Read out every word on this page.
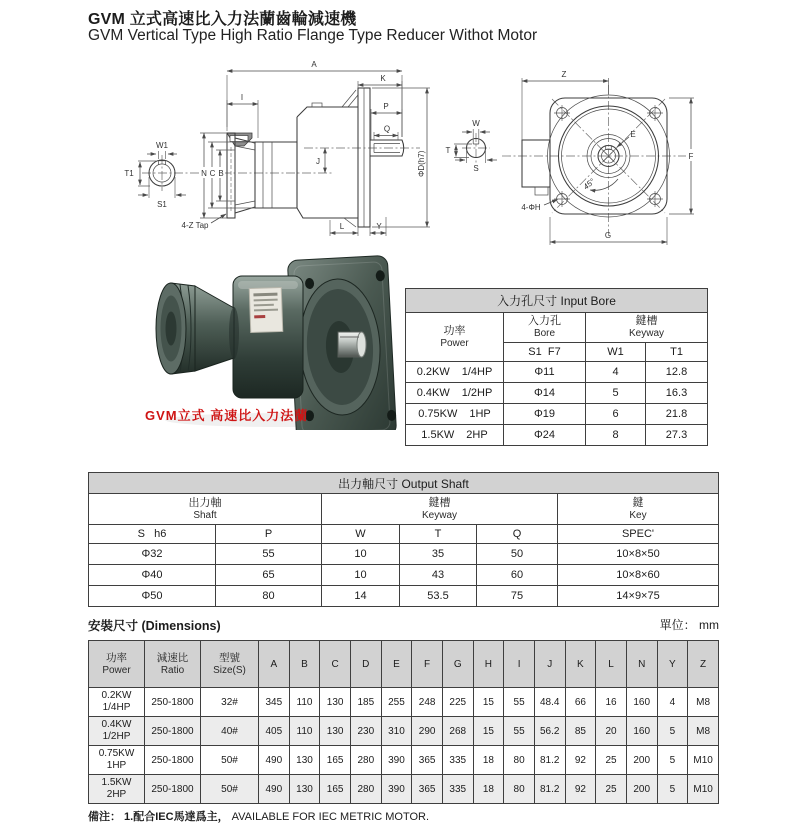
GVM 立式高速比入力法蘭齒輪減速機
GVM Vertical Type High Ratio Flange Type Reducer Withot Motor
W1
T1
S1
A
K
I
P
Q
ΦD(h7)
J
N C B
4-Z Tap	L	Y
Z
E
F
G
45°
4-ΦH
W
T
S
GVM立式 高速比入力法蘭
入力孔尺寸 Input Bore			

功率
Power	入力孔
Bore	鍵槽
Keyway	

	S1  F7	W1	T1
0.2KW 1/4HP	Φ11	4	12.8
0.4KW 1/2HP	Φ14	5	16.3
0.75KW 1HP	Φ19	6	21.8
1.5KW 2HP	Φ24	8	27.3
出力軸尺寸 Output Shaft					

出力軸
Shaft		鍵槽
Keyway			鍵
Key

S   h6	P	W	T	Q	SPEC'
Φ32	55	10	35	50	10×8×50
Φ40	65	10	43	60	10×8×60
Φ50	80	14	53.5	75	14×9×75
安裝尺寸 (Dimensions)	單位： mm
功率
Power	減速比
Ratio	型號
Size(S)	A	B	C	D	E	F	G	H	I	J	K	L	N	Y	Z

0.2KW
1/4HP	250-1800	32#	345	110	130	185	255	248	225	15	55	48.4	66	16	160	4	M8

0.4KW
1/2HP	250-1800	40#	405	110	130	230	310	290	268	15	55	56.2	85	20	160	5	M8

0.75KW
1HP	250-1800	50#	490	130	165	280	390	365	335	18	80	81.2	92	25	200	5	M10

1.5KW
2HP	250-1800	50#	490	130	165	280	390	365	335	18	80	81.2	92	25	200	5	M10
備注： 1.配合IEC馬達爲主， AVAILABLE FOR IEC METRIC MOTOR.
